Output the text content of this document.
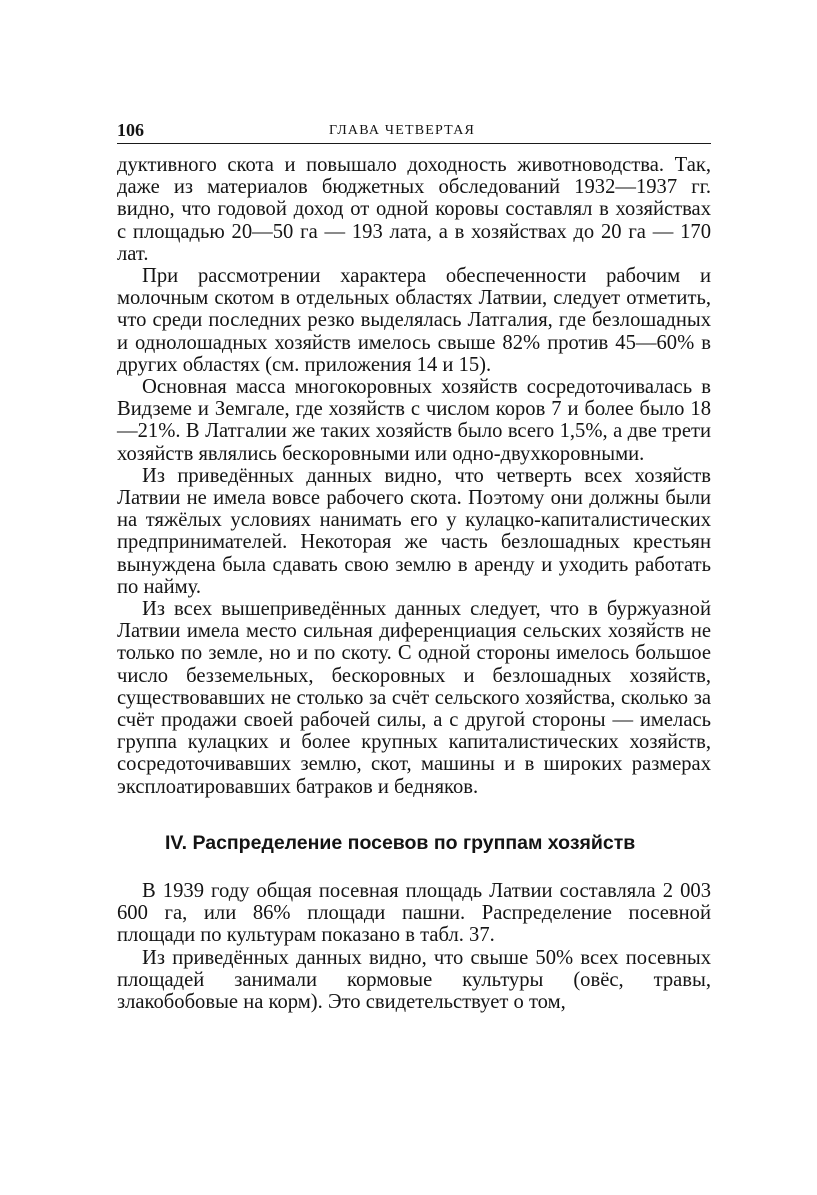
106	ГЛАВА ЧЕТВЕРТАЯ

дуктивного скота и повышало доходность животноводства. Так, даже из материалов бюджетных обследований 1932—1937 гг. видно, что годовой доход от одной коровы составлял в хозяйствах с площадью 20—50 га — 193 лата, а в хозяйствах до 20 га — 170 лат.

При рассмотрении характера обеспеченности рабочим и молочным скотом в отдельных областях Латвии, следует отметить, что среди последних резко выделялась Латгалия, где безлошадных и однолошадных хозяйств имелось свыше 82% против 45—60% в других областях (см. приложения 14 и 15).

Основная масса многокоровных хозяйств сосредоточивалась в Видземе и Земгале, где хозяйств с числом коров 7 и более было 18—21%. В Латгалии же таких хозяйств было всего 1,5%, а две трети хозяйств являлись бескоровными или одно-двухкоровными.

Из приведённых данных видно, что четверть всех хозяйств Латвии не имела вовсе рабочего скота. Поэтому они должны были на тяжёлых условиях нанимать его у кулацко-капиталистических предпринимателей. Некоторая же часть безлошадных крестьян вынуждена была сдавать свою землю в аренду и уходить работать по найму.

Из всех вышеприведённых данных следует, что в буржуазной Латвии имела место сильная диференциация сельских хозяйств не только по земле, но и по скоту. С одной стороны имелось большое число безземельных, бескоровных и безлошадных хозяйств, существовавших не столько за счёт сельского хозяйства, сколько за счёт продажи своей рабочей силы, а с другой стороны — имелась группа кулацких и более крупных капиталистических хозяйств, сосредоточивавших землю, скот, машины и в широких размерах эксплоатировавших батраков и бедняков.

IV. Распределение посевов по группам хозяйств

В 1939 году общая посевная площадь Латвии составляла 2 003 600 га, или 86% площади пашни. Распределение посевной площади по культурам показано в табл. 37.

Из приведённых данных видно, что свыше 50% всех посевных площадей занимали кормовые культуры (овёс, травы, злакобобовые на корм). Это свидетельствует о том,
